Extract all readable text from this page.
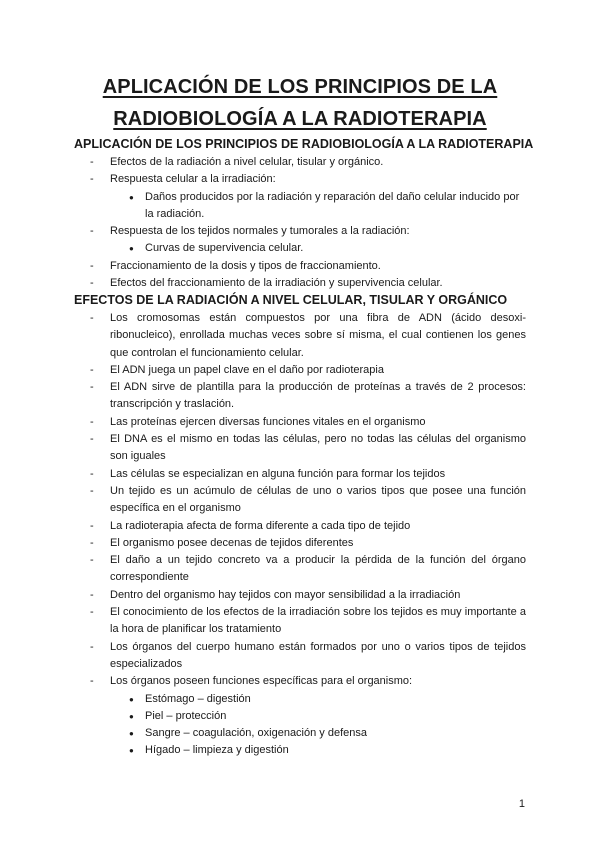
APLICACIÓN DE LOS PRINCIPIOS DE LA
RADIOBIOLOGÍA A LA RADIOTERAPIA
APLICACIÓN DE LOS PRINCIPIOS DE RADIOBIOLOGÍA A LA RADIOTERAPIA
- Efectos de la radiación a nivel celular, tisular y orgánico.
- Respuesta celular a la irradiación:
● Daños producidos por la radiación y reparación del daño celular inducido por la radiación.
- Respuesta de los tejidos normales y tumorales a la radiación:
● Curvas de supervivencia celular.
- Fraccionamiento de la dosis y tipos de fraccionamiento.
- Efectos del fraccionamiento de la irradiación y supervivencia celular.
EFECTOS DE LA RADIACIÓN A NIVEL CELULAR, TISULAR Y ORGÁNICO
- Los cromosomas están compuestos por una fibra de ADN (ácido desoxi-ribonucleico), enrollada muchas veces sobre sí misma, el cual contienen los genes que controlan el funcionamiento celular.
- El ADN juega un papel clave en el daño por radioterapia
- El ADN sirve de plantilla para la producción de proteínas a través de 2 procesos: transcripción y traslación.
- Las proteínas ejercen diversas funciones vitales en el organismo
- El DNA es el mismo en todas las células, pero no todas las células del organismo son iguales
- Las células se especializan en alguna función para formar los tejidos
- Un tejido es un acúmulo de células de uno o varios tipos que posee una función específica en el organismo
- La radioterapia afecta de forma diferente a cada tipo de tejido
- El organismo posee decenas de tejidos diferentes
- El daño a un tejido concreto va a producir la pérdida de la función del órgano correspondiente
- Dentro del organismo hay tejidos con mayor sensibilidad a la irradiación
- El conocimiento de los efectos de la irradiación sobre los tejidos es muy importante a la hora de planificar los tratamiento
- Los órganos del cuerpo humano están formados por uno o varios tipos de tejidos especializados
- Los órganos poseen funciones específicas para el organismo:
● Estómago – digestión
● Piel – protección
● Sangre – coagulación, oxigenación y defensa
● Hígado – limpieza y digestión
1
